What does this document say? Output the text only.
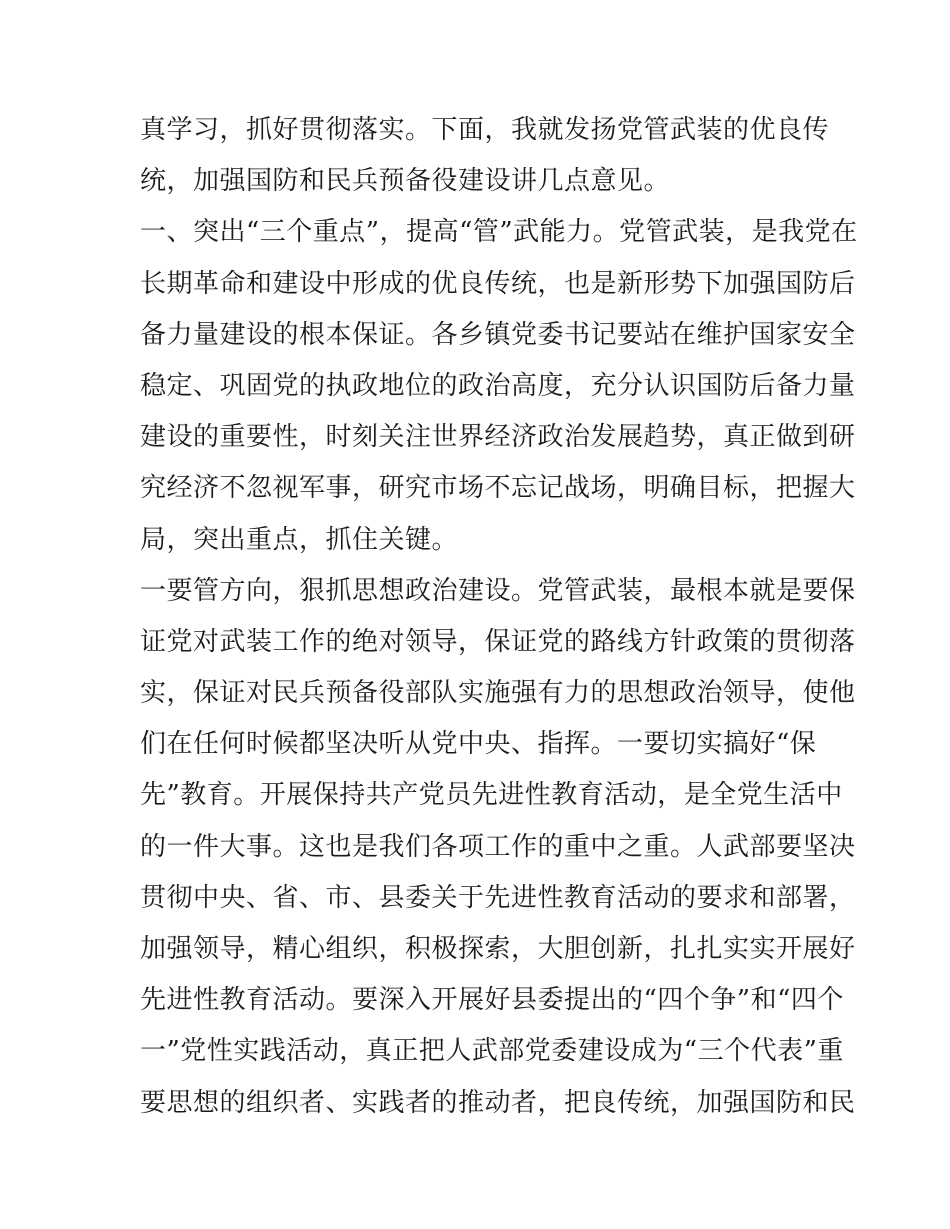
真学习，抓好贯彻落实。下面，我就发扬党管武装的优良传
统，加强国防和民兵预备役建设讲几点意见。
一、突出“三个重点”，提高“管”武能力。党管武装，是我党在
长期革命和建设中形成的优良传统，也是新形势下加强国防后
备力量建设的根本保证。各乡镇党委书记要站在维护国家安全
稳定、巩固党的执政地位的政治高度，充分认识国防后备力量
建设的重要性，时刻关注世界经济政治发展趋势，真正做到研
究经济不忽视军事，研究市场不忘记战场，明确目标，把握大
局，突出重点，抓住关键。
一要管方向，狠抓思想政治建设。党管武装，最根本就是要保
证党对武装工作的绝对领导，保证党的路线方针政策的贯彻落
实，保证对民兵预备役部队实施强有力的思想政治领导，使他
们在任何时候都坚决听从党中央、指挥。一要切实搞好“保
先”教育。开展保持共产党员先进性教育活动，是全党生活中
的一件大事。这也是我们各项工作的重中之重。人武部要坚决
贯彻中央、省、市、县委关于先进性教育活动的要求和部署，
加强领导，精心组织，积极探索，大胆创新，扎扎实实开展好
先进性教育活动。要深入开展好县委提出的“四个争”和“四个
一”党性实践活动，真正把人武部党委建设成为“三个代表”重
要思想的组织者、实践者的推动者，把良传统，加强国防和民
